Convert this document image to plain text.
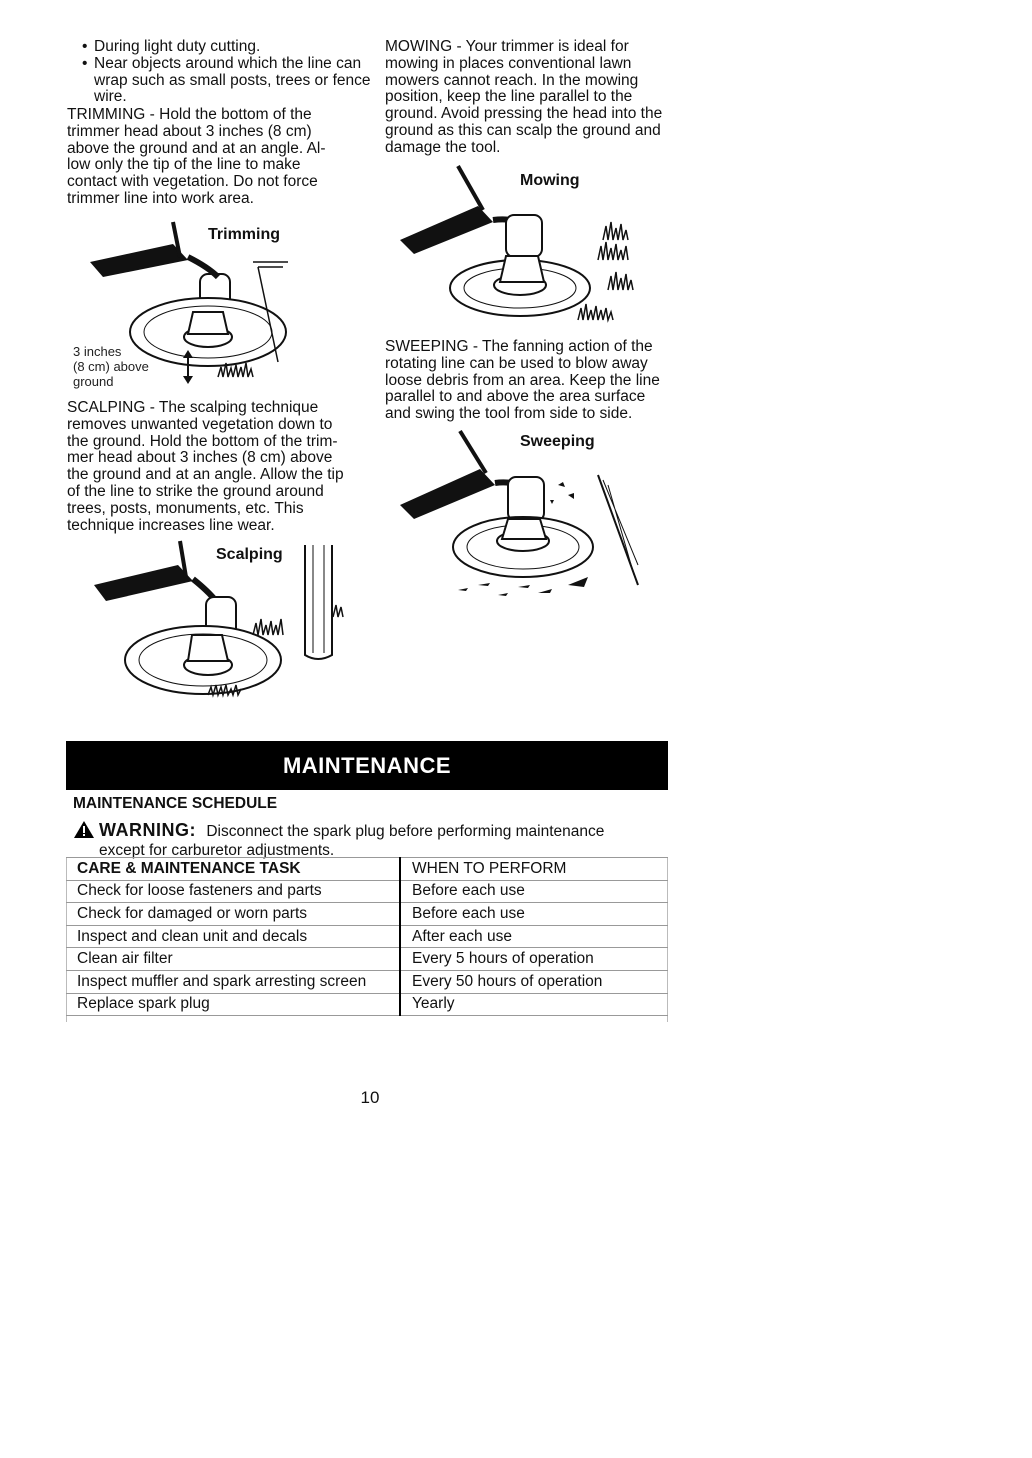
• During light duty cutting.
• Near objects around which the line can wrap such as small posts, trees or fence wire.
TRIMMING - Hold the bottom of the trimmer head about 3 inches (8 cm) above the ground and at an angle. Al- low only the tip of the line to make contact with vegetation. Do not force trimmer line into work area.
Trimming
3 inches
(8 cm) above
ground
SCALPING - The scalping technique removes unwanted vegetation down to the ground. Hold the bottom of the trim- mer head about 3 inches (8 cm) above the ground and at an angle. Allow the tip of the line to strike the ground around trees, posts, monuments, etc. This technique increases line wear.
Scalping
MOWING - Your trimmer is ideal for mowing in places conventional lawn mowers cannot reach. In the mowing position, keep the line parallel to the ground. Avoid pressing the head into the ground as this can scalp the ground and damage the tool.
Mowing
SWEEPING - The fanning action of the rotating line can be used to blow away loose debris from an area. Keep the line parallel to and above the area surface and swing the tool from side to side.
Sweeping
MAINTENANCE
MAINTENANCE SCHEDULE
WARNING: Disconnect the spark plug before performing maintenance
except for carburetor adjustments.
CARE & MAINTENANCE TASK	WHEN TO PERFORM
Check for loose fasteners and parts	Before each use
Check for damaged or worn parts	Before each use
Inspect and clean unit and decals	After each use
Clean air filter	Every 5 hours of operation
Inspect muffler and spark arresting screen	Every 50 hours of operation
Replace spark plug	Yearly
10
